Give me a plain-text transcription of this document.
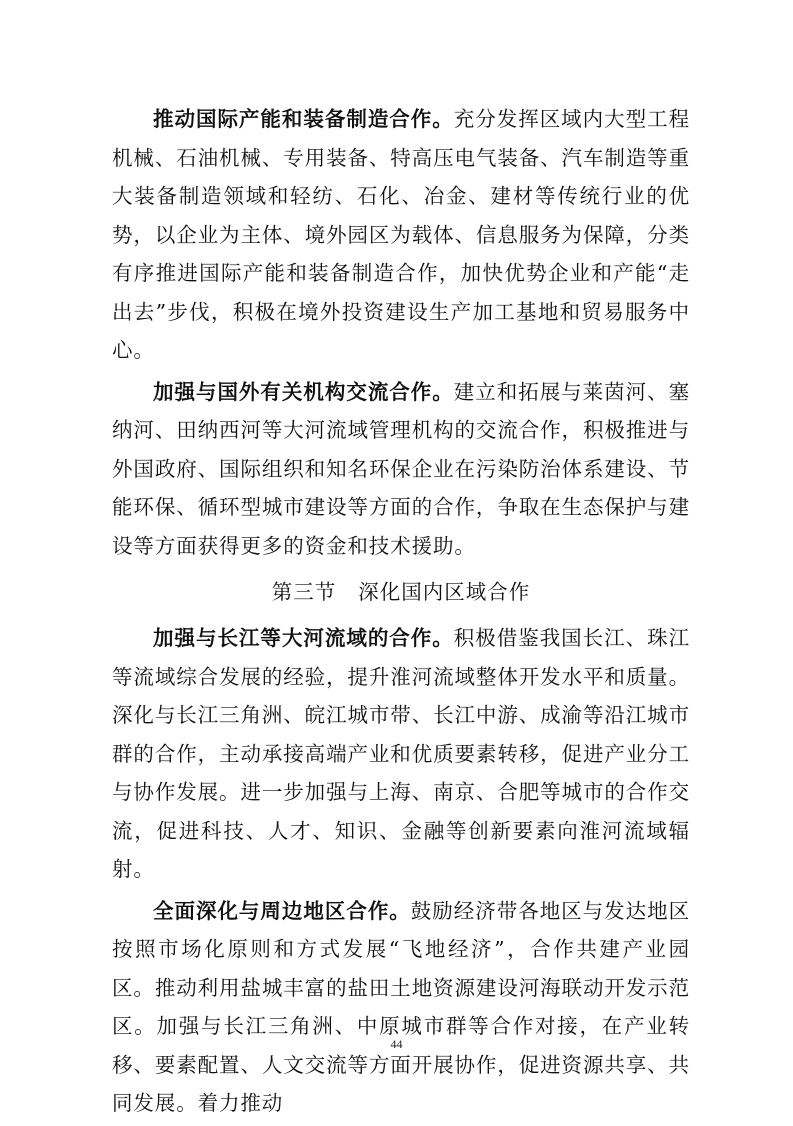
推动国际产能和装备制造合作。充分发挥区域内大型工程机械、石油机械、专用装备、特高压电气装备、汽车制造等重大装备制造领域和轻纺、石化、冶金、建材等传统行业的优势，以企业为主体、境外园区为载体、信息服务为保障，分类有序推进国际产能和装备制造合作，加快优势企业和产能“走出去”步伐，积极在境外投资建设生产加工基地和贸易服务中心。

加强与国外有关机构交流合作。建立和拓展与莱茵河、塞纳河、田纳西河等大河流域管理机构的交流合作，积极推进与外国政府、国际组织和知名环保企业在污染防治体系建设、节能环保、循环型城市建设等方面的合作，争取在生态保护与建设等方面获得更多的资金和技术援助。

第三节 深化国内区域合作

加强与长江等大河流域的合作。积极借鉴我国长江、珠江等流域综合发展的经验，提升淮河流域整体开发水平和质量。深化与长江三角洲、皖江城市带、长江中游、成渝等沿江城市群的合作，主动承接高端产业和优质要素转移，促进产业分工与协作发展。进一步加强与上海、南京、合肥等城市的合作交流，促进科技、人才、知识、金融等创新要素向淮河流域辐射。

全面深化与周边地区合作。鼓励经济带各地区与发达地区按照市场化原则和方式发展“飞地经济”，合作共建产业园区。推动利用盐城丰富的盐田土地资源建设河海联动开发示范区。加强与长江三角洲、中原城市群等合作对接，在产业转移、要素配置、人文交流等方面开展协作，促进资源共享、共同发展。着力推动

44
